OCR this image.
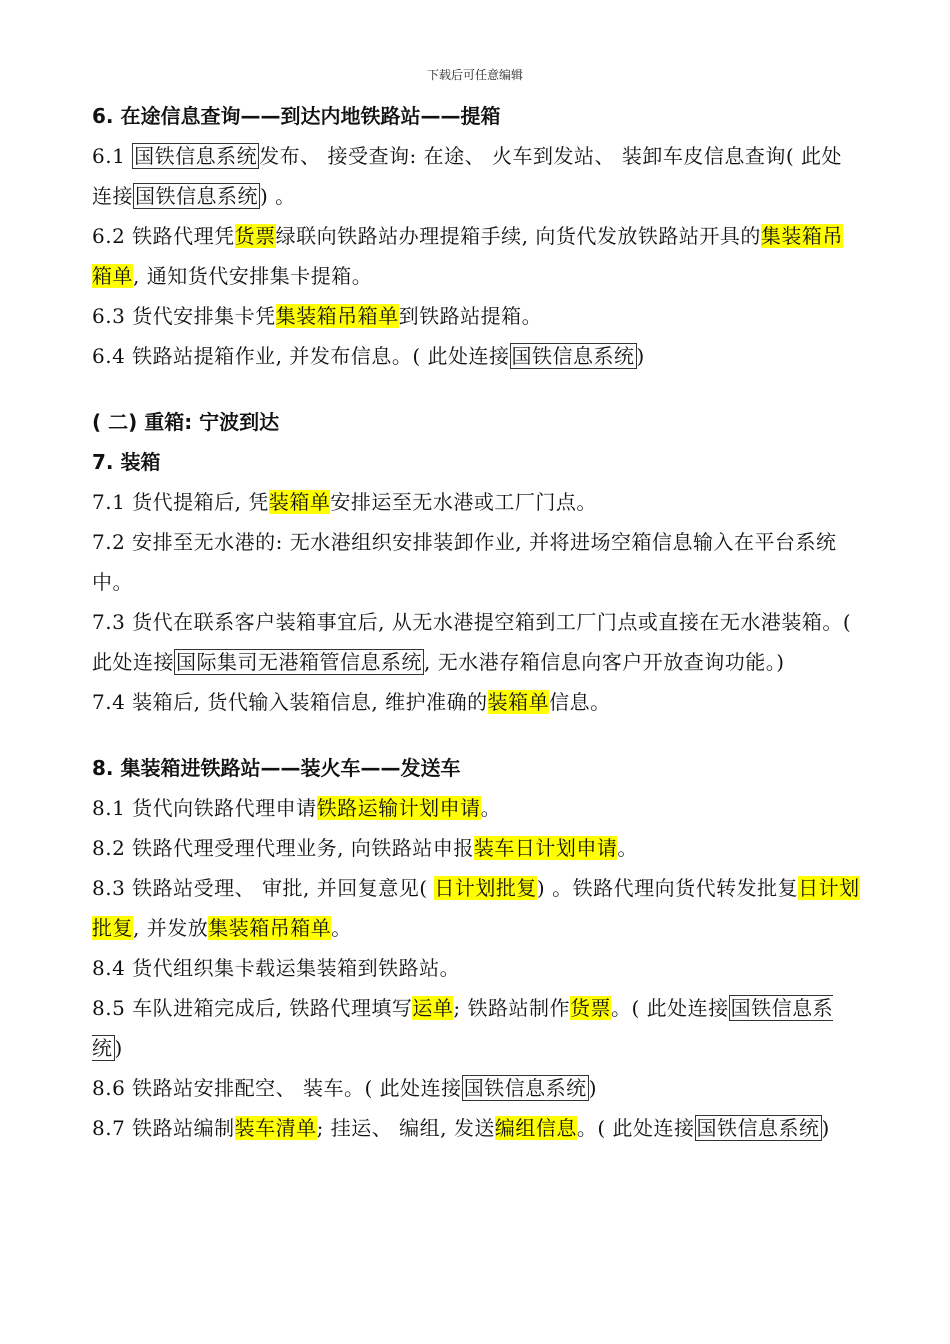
下载后可任意编辑

6. 在途信息查询——到达内地铁路站——提箱

6.1 国铁信息系统 发布、 接受查询: 在途、 火车到发站、 装卸车皮信息查询( 此处连接 国铁信息系统 ) 。

6.2 铁路代理凭货票绿联向铁路站办理提箱手续, 向货代发放铁路站开具的集装箱吊箱单, 通知货代安排集卡提箱。

6.3 货代安排集卡凭集装箱吊箱单到铁路站提箱。

6.4 铁路站提箱作业, 并发布信息。( 此处连接 国铁信息系统 )

( 二) 重箱: 宁波到达

7. 装箱

7.1 货代提箱后, 凭装箱单安排运至无水港或工厂门点。

7.2 安排至无水港的: 无水港组织安排装卸作业, 并将进场空箱信息输入在平台系统中。

7.3 货代在联系客户装箱事宜后, 从无水港提空箱到工厂门点或直接在无水港装箱。( 此处连接 国际集司无港箱管信息系统 , 无水港存箱信息向客户开放查询功能。)

7.4 装箱后, 货代输入装箱信息, 维护准确的装箱单信息。

8. 集装箱进铁路站——装火车——发送车

8.1 货代向铁路代理申请铁路运输计划申请。

8.2 铁路代理受理代理业务, 向铁路站申报装车日计划申请。

8.3 铁路站受理、 审批, 并回复意见( 日计划批复) 。铁路代理向货代转发批复日计划批复, 并发放集装箱吊箱单。

8.4 货代组织集卡载运集装箱到铁路站。

8.5 车队进箱完成后, 铁路代理填写运单; 铁路站制作货票。( 此处连接 国铁信息系统 )

8.6 铁路站安排配空、 装车。( 此处连接 国铁信息系统 )

8.7 铁路站编制装车清单; 挂运、 编组, 发送编组信息。( 此处连接 国铁信息系统 )
